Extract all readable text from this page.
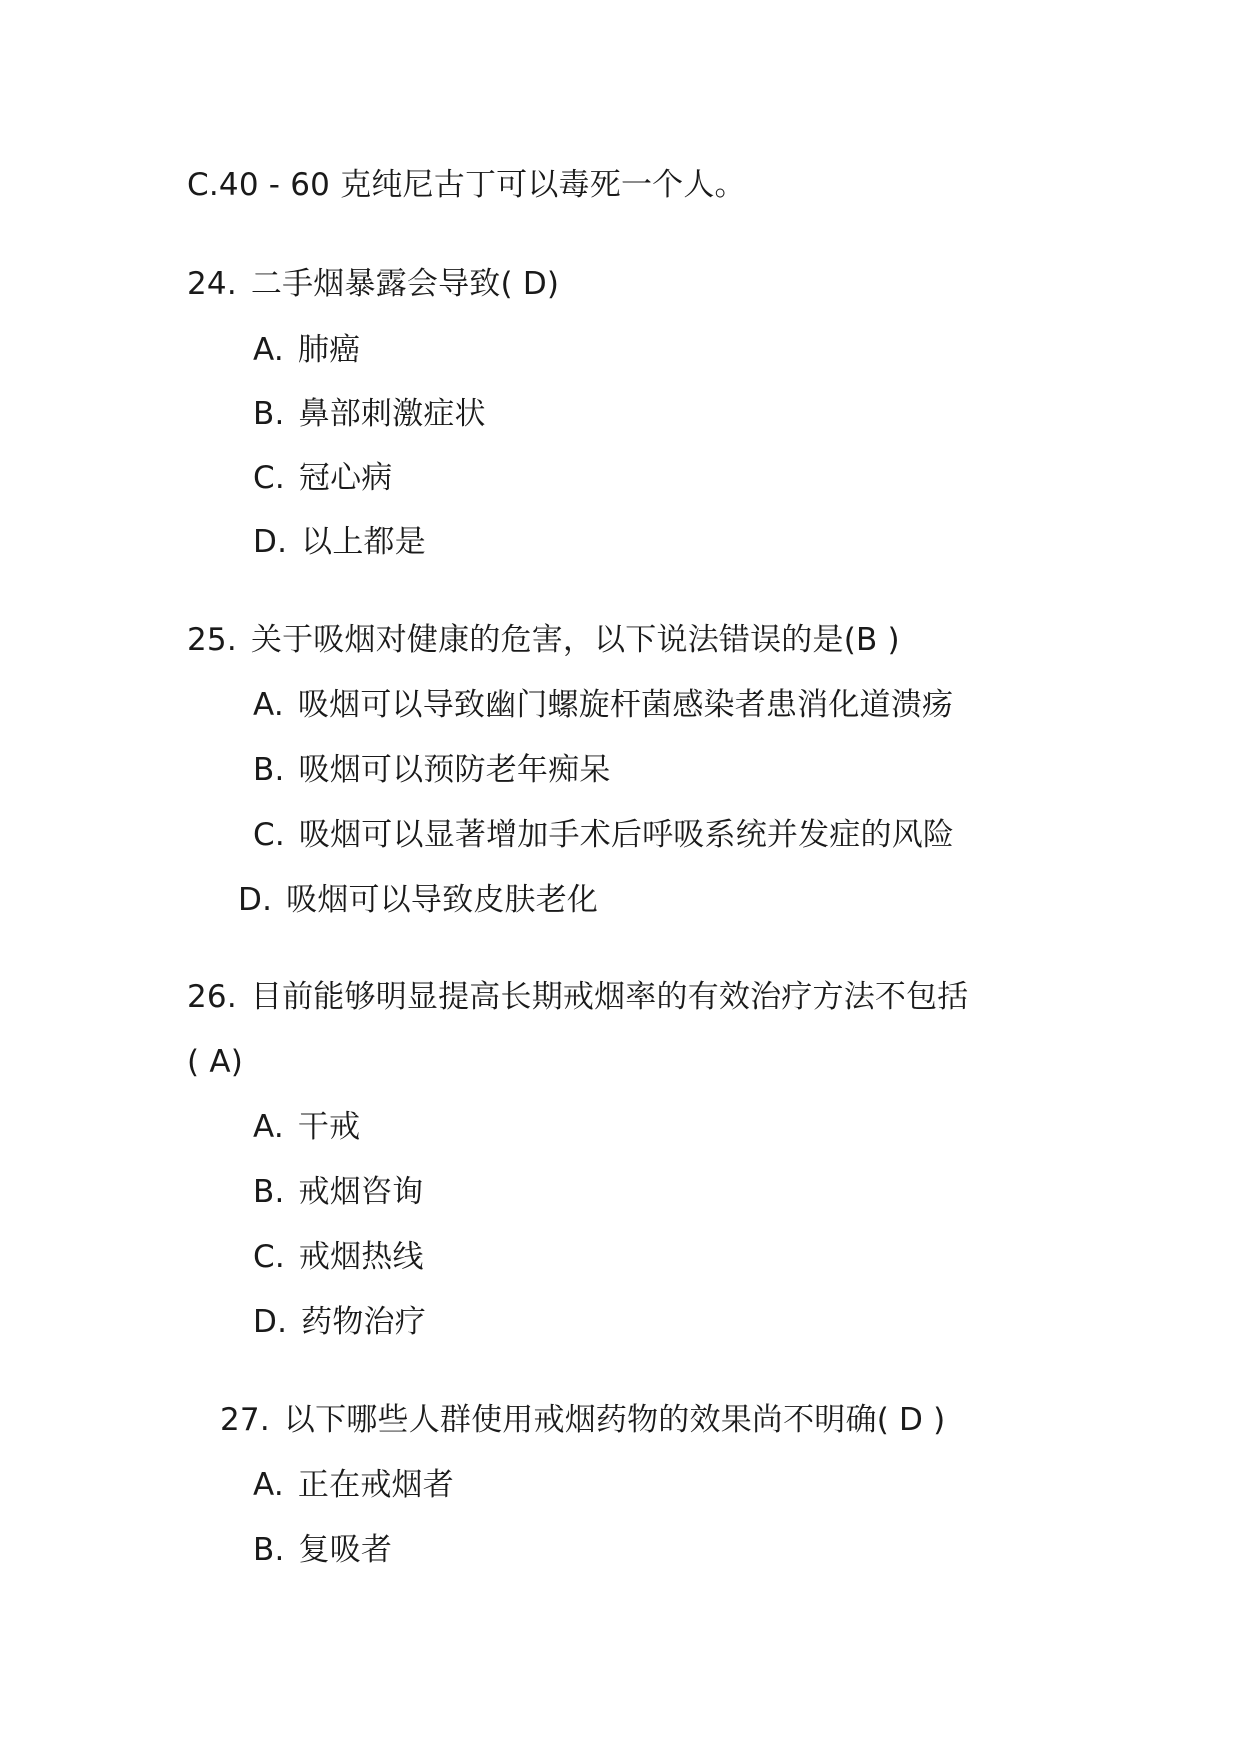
C.40 - 60 克纯尼古丁可以毒死一个人。
24. 二手烟暴露会导致( D)
A. 肺癌
B. 鼻部刺激症状
C. 冠心病
D. 以上都是
25. 关于吸烟对健康的危害，以下说法错误的是(B )
A. 吸烟可以导致幽门螺旋杆菌感染者患消化道溃疡
B. 吸烟可以预防老年痴呆
C. 吸烟可以显著增加手术后呼吸系统并发症的风险
D. 吸烟可以导致皮肤老化
26. 目前能够明显提高长期戒烟率的有效治疗方法不包括
( A)
A. 干戒
B. 戒烟咨询
C. 戒烟热线
D. 药物治疗
27. 以下哪些人群使用戒烟药物的效果尚不明确( D )
A. 正在戒烟者
B. 复吸者
